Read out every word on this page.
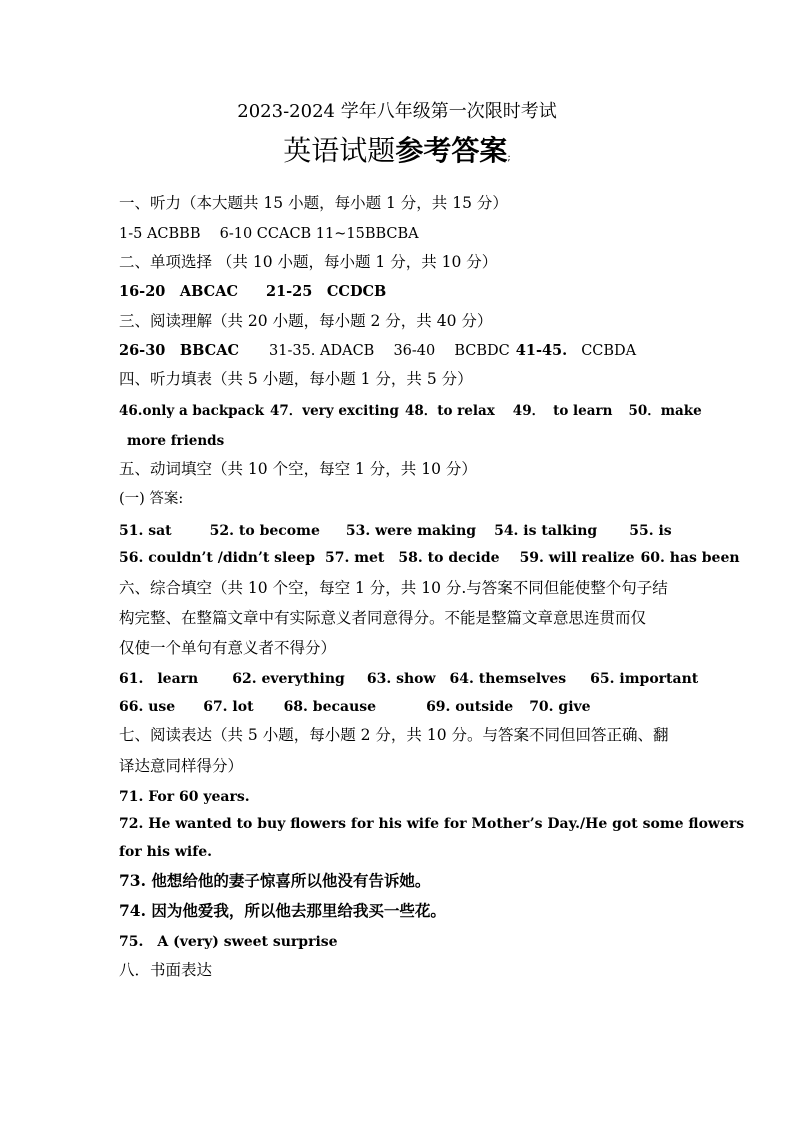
2023-2024 学年八年级第一次限时考试
英语试题参考答案;
一、听力（本大题共 15 小题，每小题 1 分，共 15 分）
1-5 ACBBB　 6-10 CCACB 11~15BBCBA
二、单项选择 （共 10 小题，每小题 1 分，共 10 分）
16-20　ABCAC 21-25　CCDCB
三、阅读理解（共 20 小题，每小题 2 分，共 40 分）
26-30　BBCAC 31-35. ADACB　 36-40　 BCBDC 41-45. CCBDA
四、听力填表（共 5 小题，每小题 1 分，共 5 分）
46.only a backpack 47．very exciting 48．to relax 49． to learn 50．make
more friends
五、动词填空（共 10 个空，每空 1 分，共 10 分）
(一) 答案:
51. sat	52. to become 53. were making 54. is talking 55. is
56. couldn’t /didn’t sleep 57. met 58. to decide 59. will realize 60. has been
六、综合填空（共 10 个空，每空 1 分，共 10 分.与答案不同但能使整个句子结
构完整、在整篇文章中有实际意义者同意得分。不能是整篇文章意思连贯而仅
仅使一个单句有意义者不得分）
61.　learn 62. everything 63. show 64. themselves 65. important
66. use 67. lot 68. because	69. outside 70. give
七、阅读表达（共 5 小题，每小题 2 分，共 10 分。与答案不同但回答正确、翻
译达意同样得分）
71. For 60 years.
72. He wanted to buy flowers for his wife for Mother’s Day./He got some flowers
for his wife.
73. 他想给他的妻子惊喜所以他没有告诉她。
74. 因为他爱我，所以他去那里给我买一些花。
75.　A (very) sweet surprise
八．书面表达
